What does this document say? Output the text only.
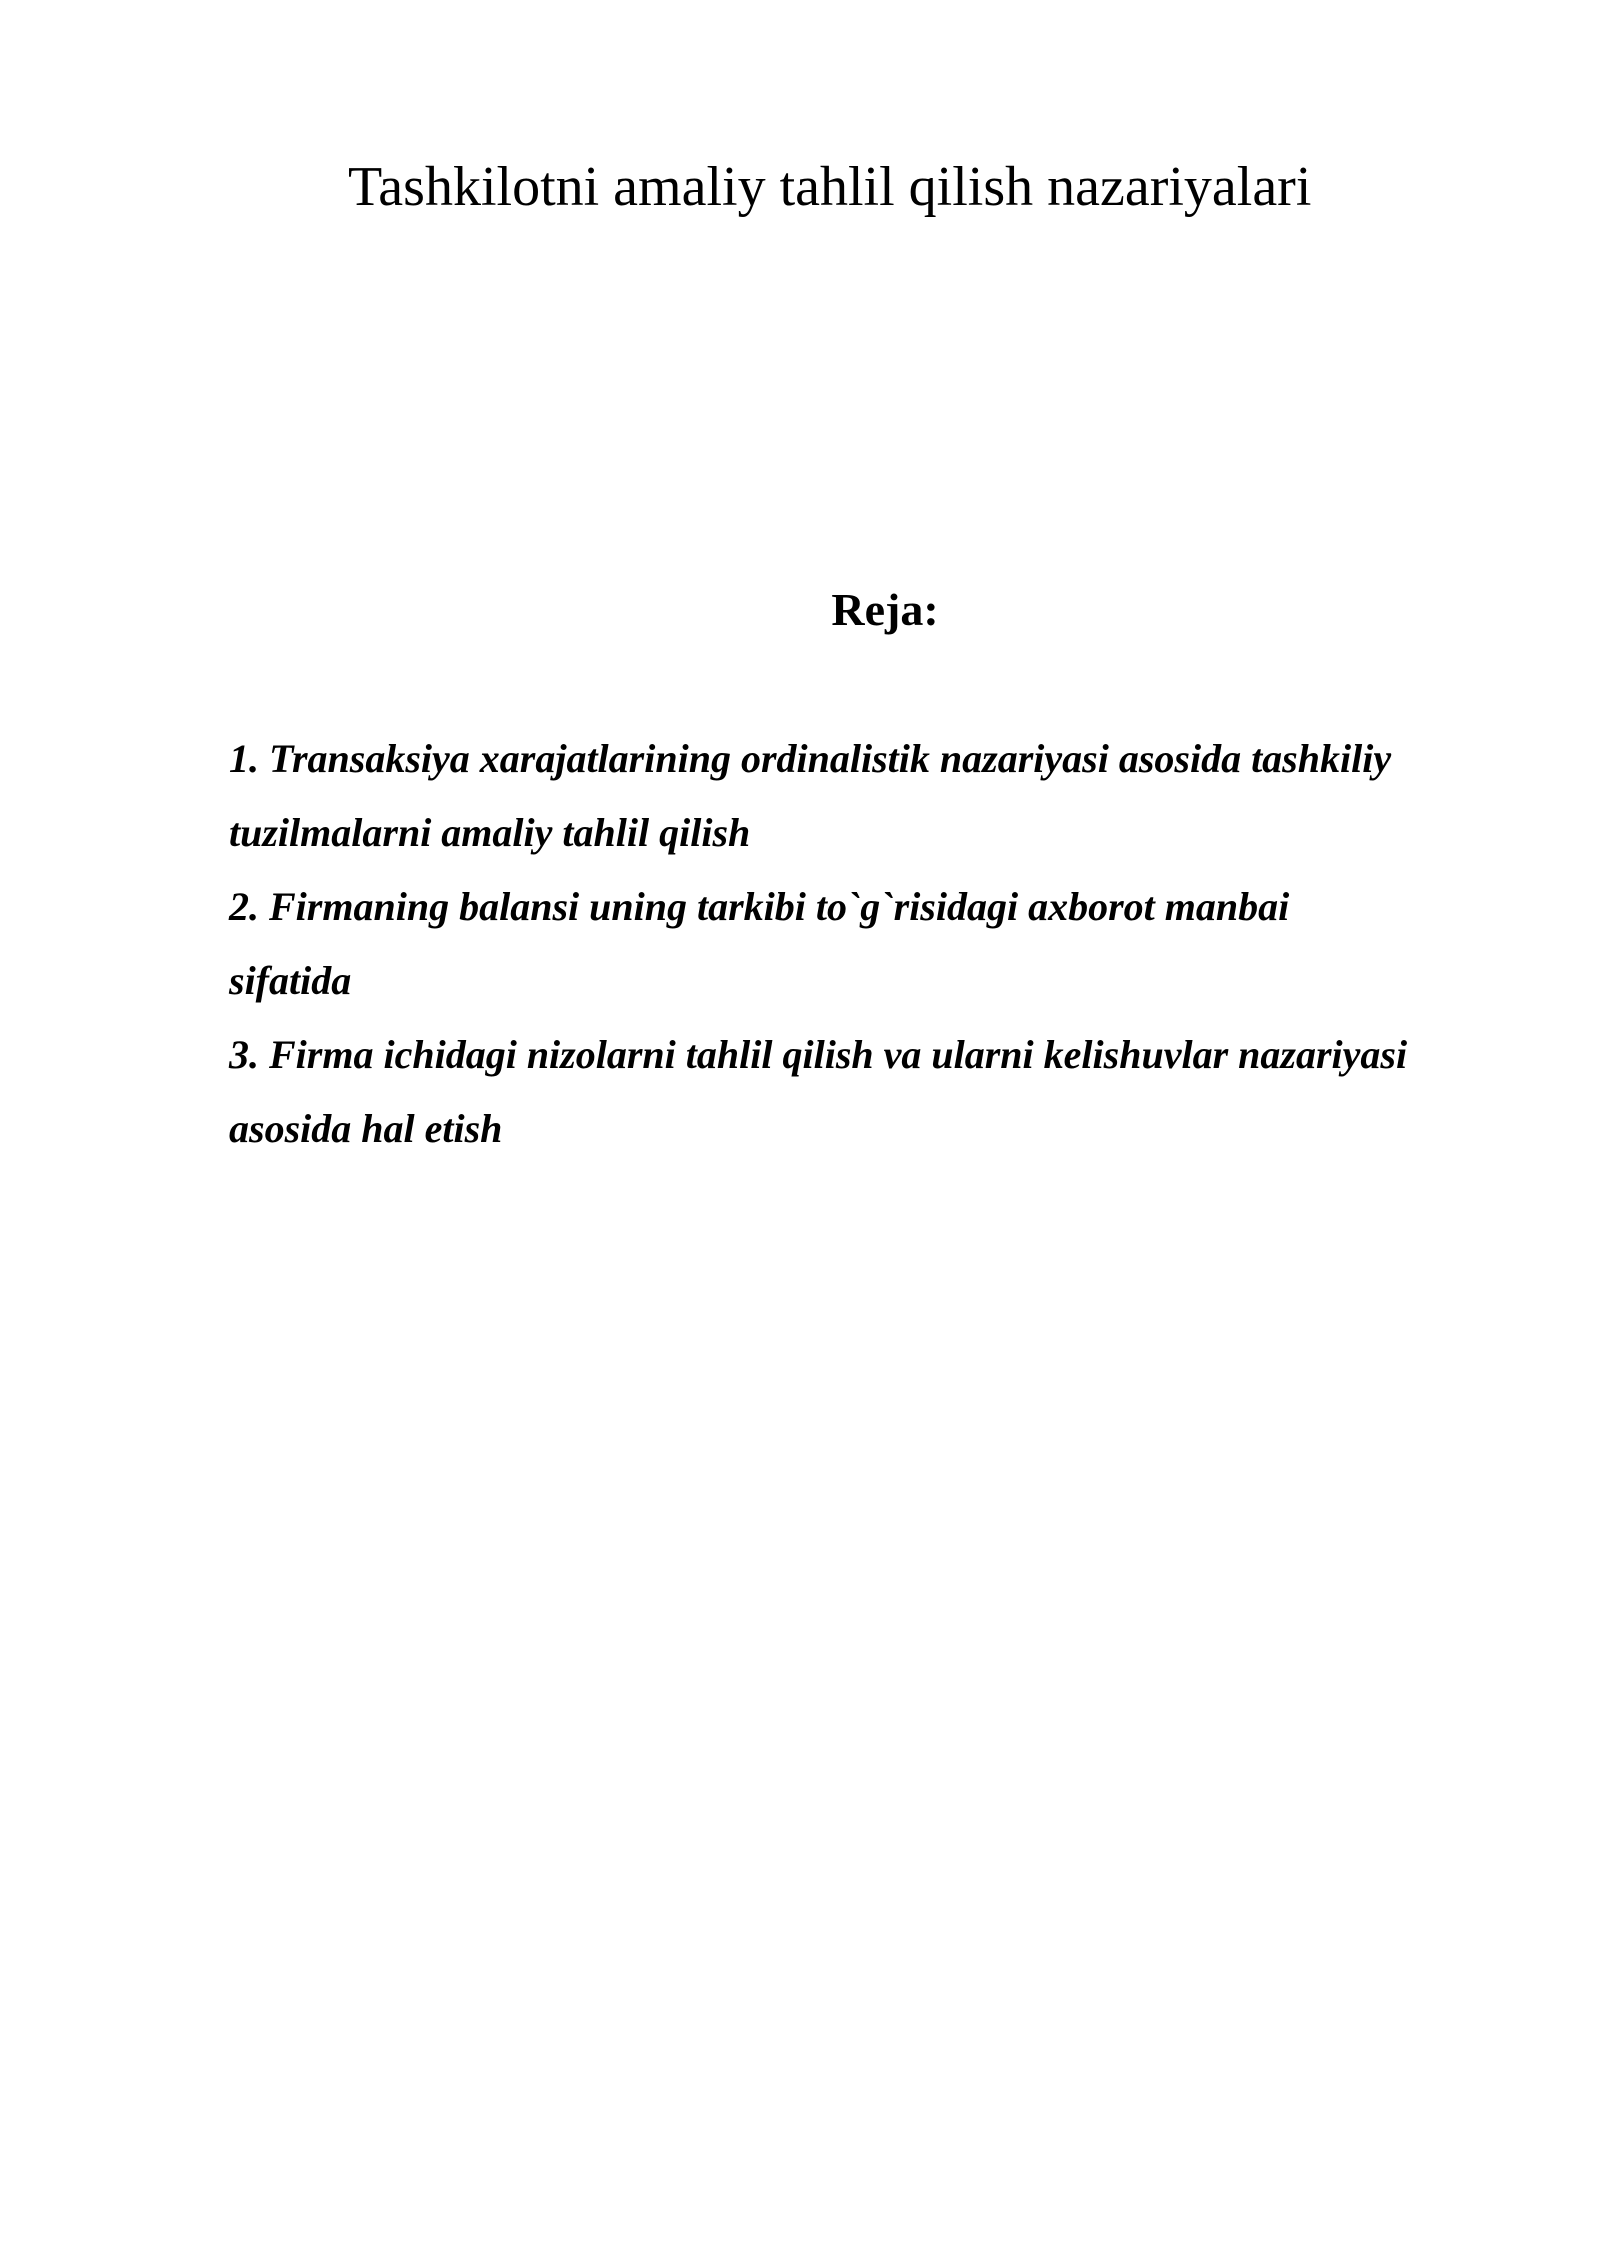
Tashkilotni amaliy tahlil qilish nazariyalari
Reja:
1. Transaksiya xarajatlarining ordinalistik nazariyasi asosida tashkiliy tuzilmalarni amaliy tahlil qilish
2. Firmaning balansi uning tarkibi to`g`risidagi axborot manbai sifatida
3. Firma ichidagi nizolarni tahlil qilish va ularni kelishuvlar nazariyasi asosida hal etish
